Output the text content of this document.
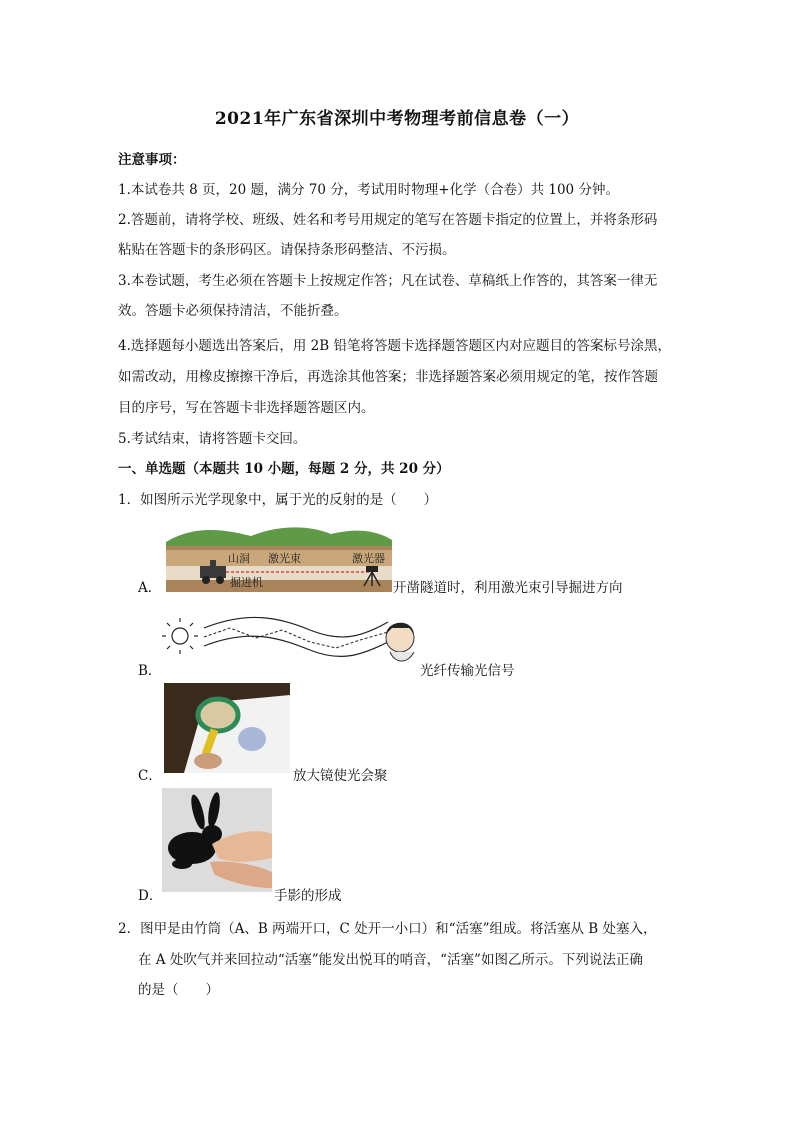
2021年广东省深圳中考物理考前信息卷（一）
注意事项：
1.本试卷共 8 页，20 题，满分 70 分，考试用时物理+化学（合卷）共 100 分钟。
2.答题前，请将学校、班级、姓名和考号用规定的笔写在答题卡指定的位置上，并将条形码
粘贴在答题卡的条形码区。请保持条形码整洁、不污损。
3.本卷试题，考生必须在答题卡上按规定作答；凡在试卷、草稿纸上作答的，其答案一律无
效。答题卡必须保持清洁，不能折叠。
4.选择题每小题选出答案后，用 2B 铅笔将答题卡选择题答题区内对应题目的答案标号涂黑，
如需改动，用橡皮擦擦干净后，再选涂其他答案；非选择题答案必须用规定的笔，按作答题
目的序号，写在答题卡非选择题答题区内。
5.考试结束，请将答题卡交回。
一、单选题（本题共 10 小题，每题 2 分，共 20 分）
1．如图所示光学现象中，属于光的反射的是（　　）
A．
山洞 激光束	激光器
掘进机	开凿隧道时，利用激光束引导掘进方向
B．	光纤传输光信号
C．	放大镜使光会聚
D．	手影的形成
2．图甲是由竹筒（A、B 两端开口，C 处开一小口）和“活塞”组成。将活塞从 B 处塞入，
在 A 处吹气并来回拉动“活塞”能发出悦耳的哨音，“活塞”如图乙所示。下列说法正确
的是（　　）
